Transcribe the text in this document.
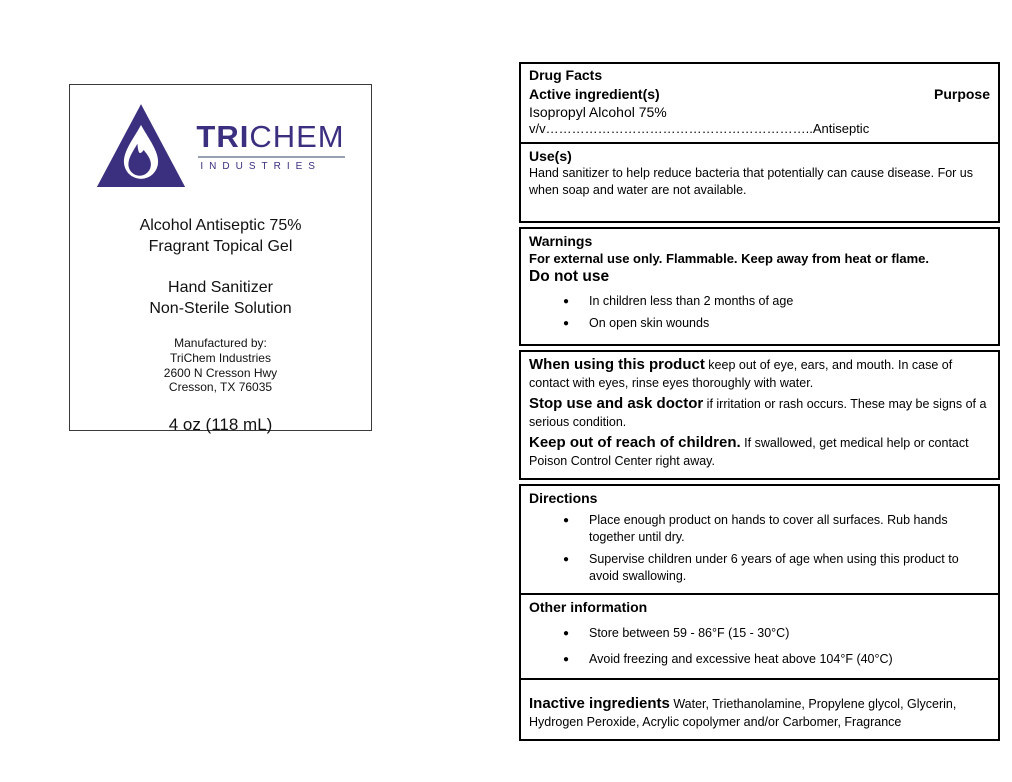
TRICHEM
INDUSTRIES
Alcohol Antiseptic 75%
Fragrant Topical Gel
Hand Sanitizer
Non-Sterile Solution
Manufactured by:
TriChem Industries
2600 N Cresson Hwy
Cresson, TX 76035
4 oz (118 mL)
Drug Facts
Active ingredient(s)	Purpose
Isopropyl Alcohol 75%
v/v……………………………………………………..Antiseptic
Use(s)
Hand sanitizer to help reduce bacteria that potentially can cause disease. For us when soap and water are not available.
Warnings
For external use only. Flammable. Keep away from heat or flame.
Do not use
●	In children less than 2 months of age
●	On open skin wounds
When using this product keep out of eye, ears, and mouth. In case of contact with eyes, rinse eyes thoroughly with water.
Stop use and ask doctor if irritation or rash occurs. These may be signs of a serious condition.
Keep out of reach of children. If swallowed, get medical help or contact Poison Control Center right away.
Directions
●	Place enough product on hands to cover all surfaces. Rub hands together until dry.
●	Supervise children under 6 years of age when using this product to avoid swallowing.
Other information
●	Store between 59 - 86°F (15 - 30°C)
●	Avoid freezing and excessive heat above 104°F (40°C)
Inactive ingredients Water, Triethanolamine, Propylene glycol, Glycerin, Hydrogen Peroxide, Acrylic copolymer and/or Carbomer, Fragrance
